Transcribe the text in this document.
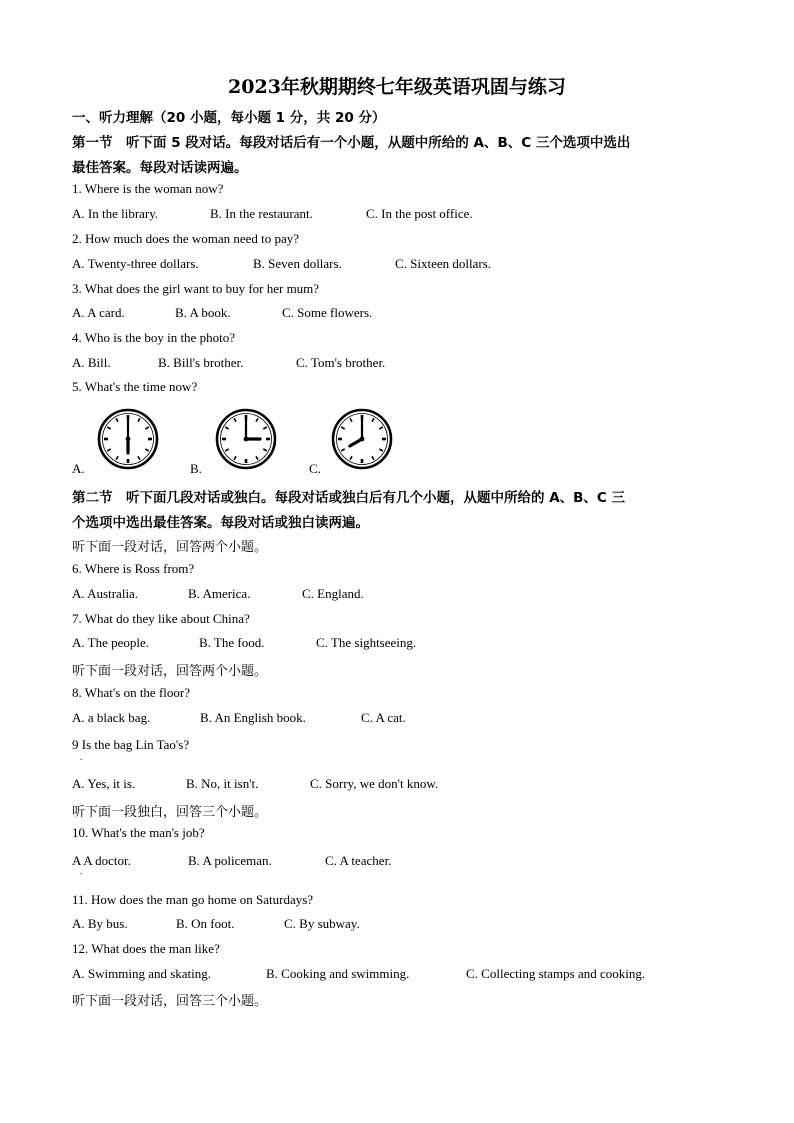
2023年秋期期终七年级英语巩固与练习
一、听力理解（20 小题，每小题 1 分，共 20 分）
第一节　听下面 5 段对话。每段对话后有一个小题，从题中所给的 A、B、C 三个选项中选出
最佳答案。每段对话读两遍。
1. Where is the woman now?
A. In the library.	B. In the restaurant.	C. In the post office.
2. How much does the woman need to pay?
A. Twenty-three dollars.	B. Seven dollars.	C. Sixteen dollars.
3. What does the girl want to buy for her mum?
A. A card.	B. A book.	C. Some flowers.
4. Who is the boy in the photo?
A. Bill.	B. Bill's brother.	C. Tom's brother.
5. What's the time now?
A.	B.	C.
第二节　听下面几段对话或独白。每段对话或独白后有几个小题，从题中所给的 A、B、C 三
个选项中选出最佳答案。每段对话或独白读两遍。
听下面一段对话，回答两个小题。
6. Where is Ross from?
A. Australia.	B. America.	C. England.
7. What do they like about China?
A. The people.	B. The food.	C. The sightseeing.
听下面一段对话，回答两个小题。
8. What's on the floor?
A. a black bag.	B. An English book.	C. A cat.
9 Is the bag Lin Tao's?
.
A. Yes, it is.	B. No, it isn't.	C. Sorry, we don't know.
听下面一段独白，回答三个小题。
10. What's the man's job?
A A doctor.
.
B. A policeman.	C. A teacher.
11. How does the man go home on Saturdays?
A. By bus.	B. On foot.	C. By subway.
12. What does the man like?
A. Swimming and skating.	B. Cooking and swimming.	C. Collecting stamps and cooking.
听下面一段对话，回答三个小题。
